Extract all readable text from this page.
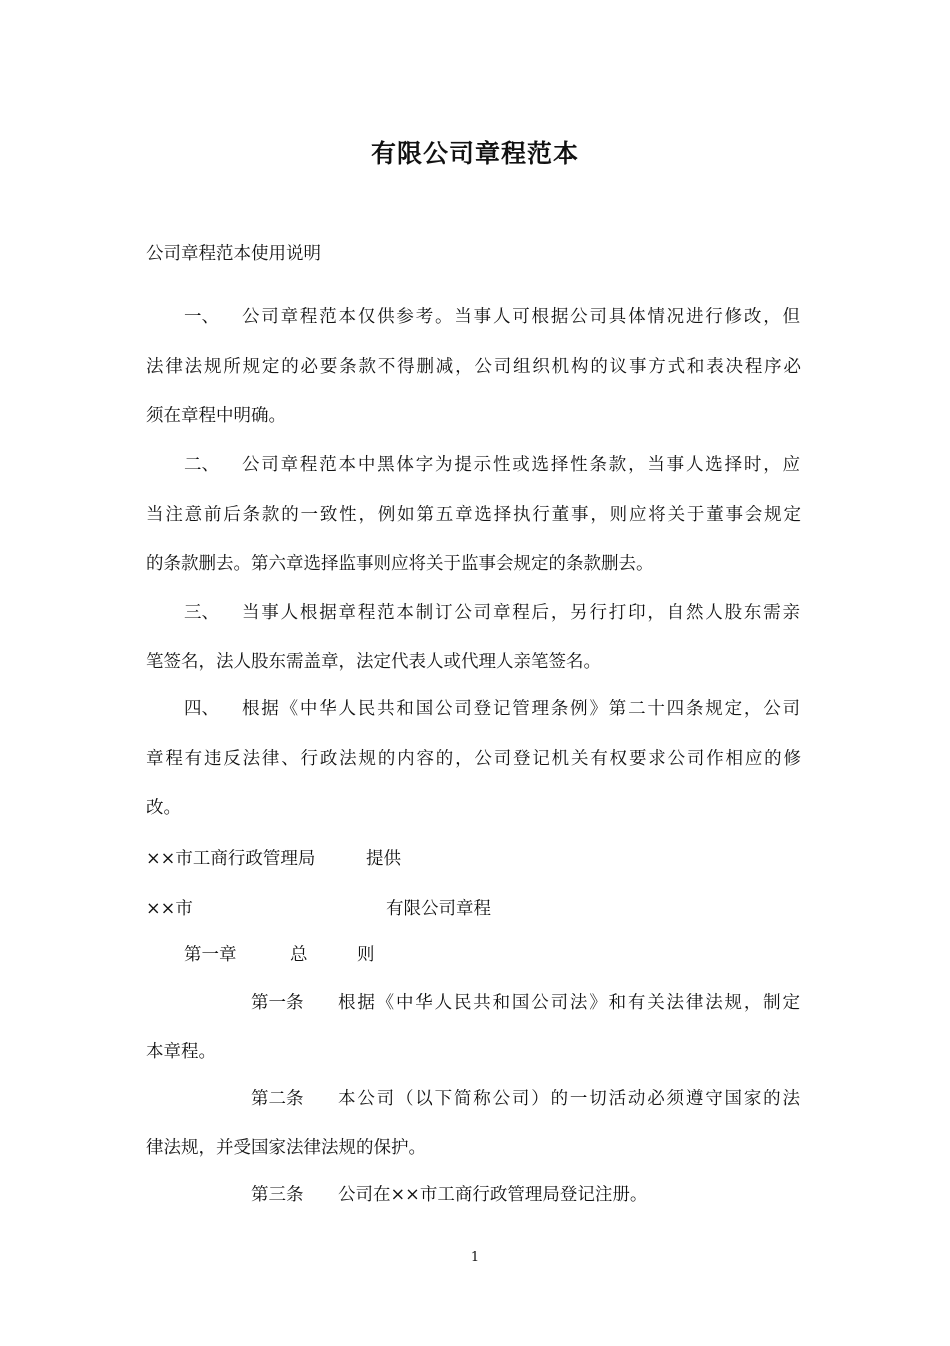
有限公司章程范本
公司章程范本使用说明
一、 公司章程范本仅供参考。当事人可根据公司具体情况进行修改，但
法律法规所规定的必要条款不得删减，公司组织机构的议事方式和表决程序必
须在章程中明确。
二、 公司章程范本中黑体字为提示性或选择性条款，当事人选择时，应
当注意前后条款的一致性，例如第五章选择执行董事，则应将关于董事会规定
的条款删去。第六章选择监事则应将关于监事会规定的条款删去。
三、 当事人根据章程范本制订公司章程后，另行打印，自然人股东需亲
笔签名，法人股东需盖章，法定代表人或代理人亲笔签名。
四、 根据《中华人民共和国公司登记管理条例》第二十四条规定，公司
章程有违反法律、行政法规的内容的，公司登记机关有权要求公司作相应的修
改。
××市工商行政管理局	提供
××市	有限公司章程
第一章	总	则
第一条	根据《中华人民共和国公司法》和有关法律法规，制定
本章程。
第二条	本公司（以下简称公司）的一切活动必须遵守国家的法
律法规，并受国家法律法规的保护。
第三条	公司在××市工商行政管理局登记注册。
1
